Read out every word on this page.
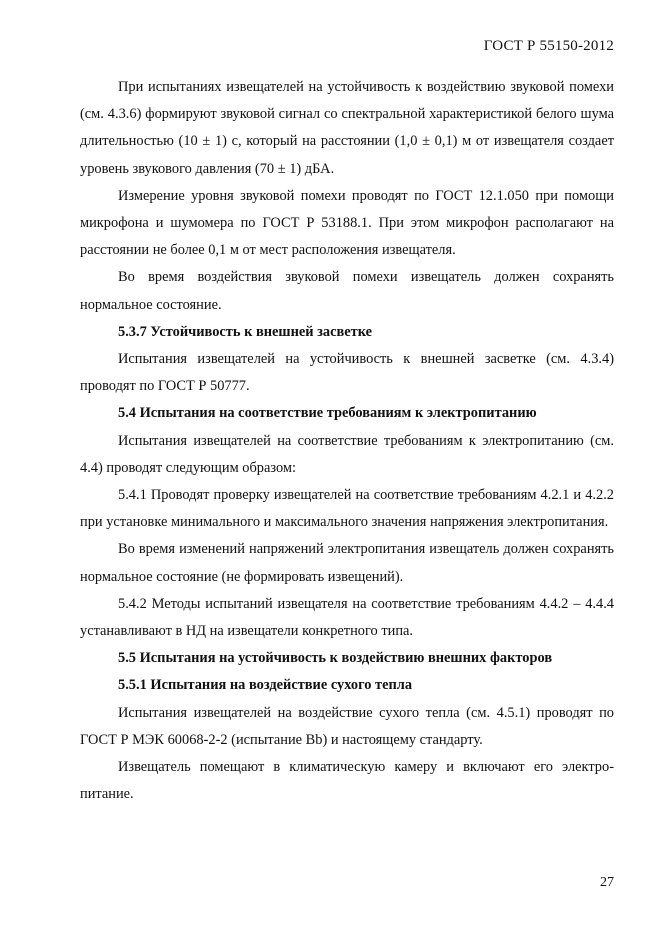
ГОСТ Р 55150-2012

При испытаниях извещателей на устойчивость к воздействию звуковой помехи (см. 4.3.6) формируют звуковой сигнал со спектральной характеристикой белого шума длительностью (10 ± 1) с, который на расстоянии (1,0 ± 0,1) м от извещателя создает уровень звукового давления (70 ± 1) дБА.

Измерение уровня звуковой помехи проводят по ГОСТ 12.1.050 при помощи микрофона и шумомера по ГОСТ Р 53188.1. При этом микрофон располагают на расстоянии не более 0,1 м от мест расположения извещателя.

Во время воздействия звуковой помехи извещатель должен сохранять нормальное состояние.

5.3.7 Устойчивость к внешней засветке

Испытания извещателей на устойчивость к внешней засветке (см. 4.3.4) проводят по ГОСТ Р 50777.

5.4 Испытания на соответствие требованиям к электропитанию

Испытания извещателей на соответствие требованиям к электропитанию (см. 4.4) проводят следующим образом:

5.4.1 Проводят проверку извещателей на соответствие требованиям 4.2.1 и 4.2.2 при установке минимального и максимального значения напряжения электропитания.

Во время изменений напряжений электропитания извещатель должен сохранять нормальное состояние (не формировать извещений).

5.4.2 Методы испытаний извещателя на соответствие требованиям 4.4.2 – 4.4.4 устанавливают в НД на извещатели конкретного типа.

5.5 Испытания на устойчивость к воздействию внешних факторов

5.5.1 Испытания на воздействие сухого тепла

Испытания извещателей на воздействие сухого тепла (см. 4.5.1) проводят по ГОСТ Р МЭК 60068-2-2 (испытание Bb) и настоящему стандарту.

Извещатель помещают в климатическую камеру и включают его электропитание.

27
